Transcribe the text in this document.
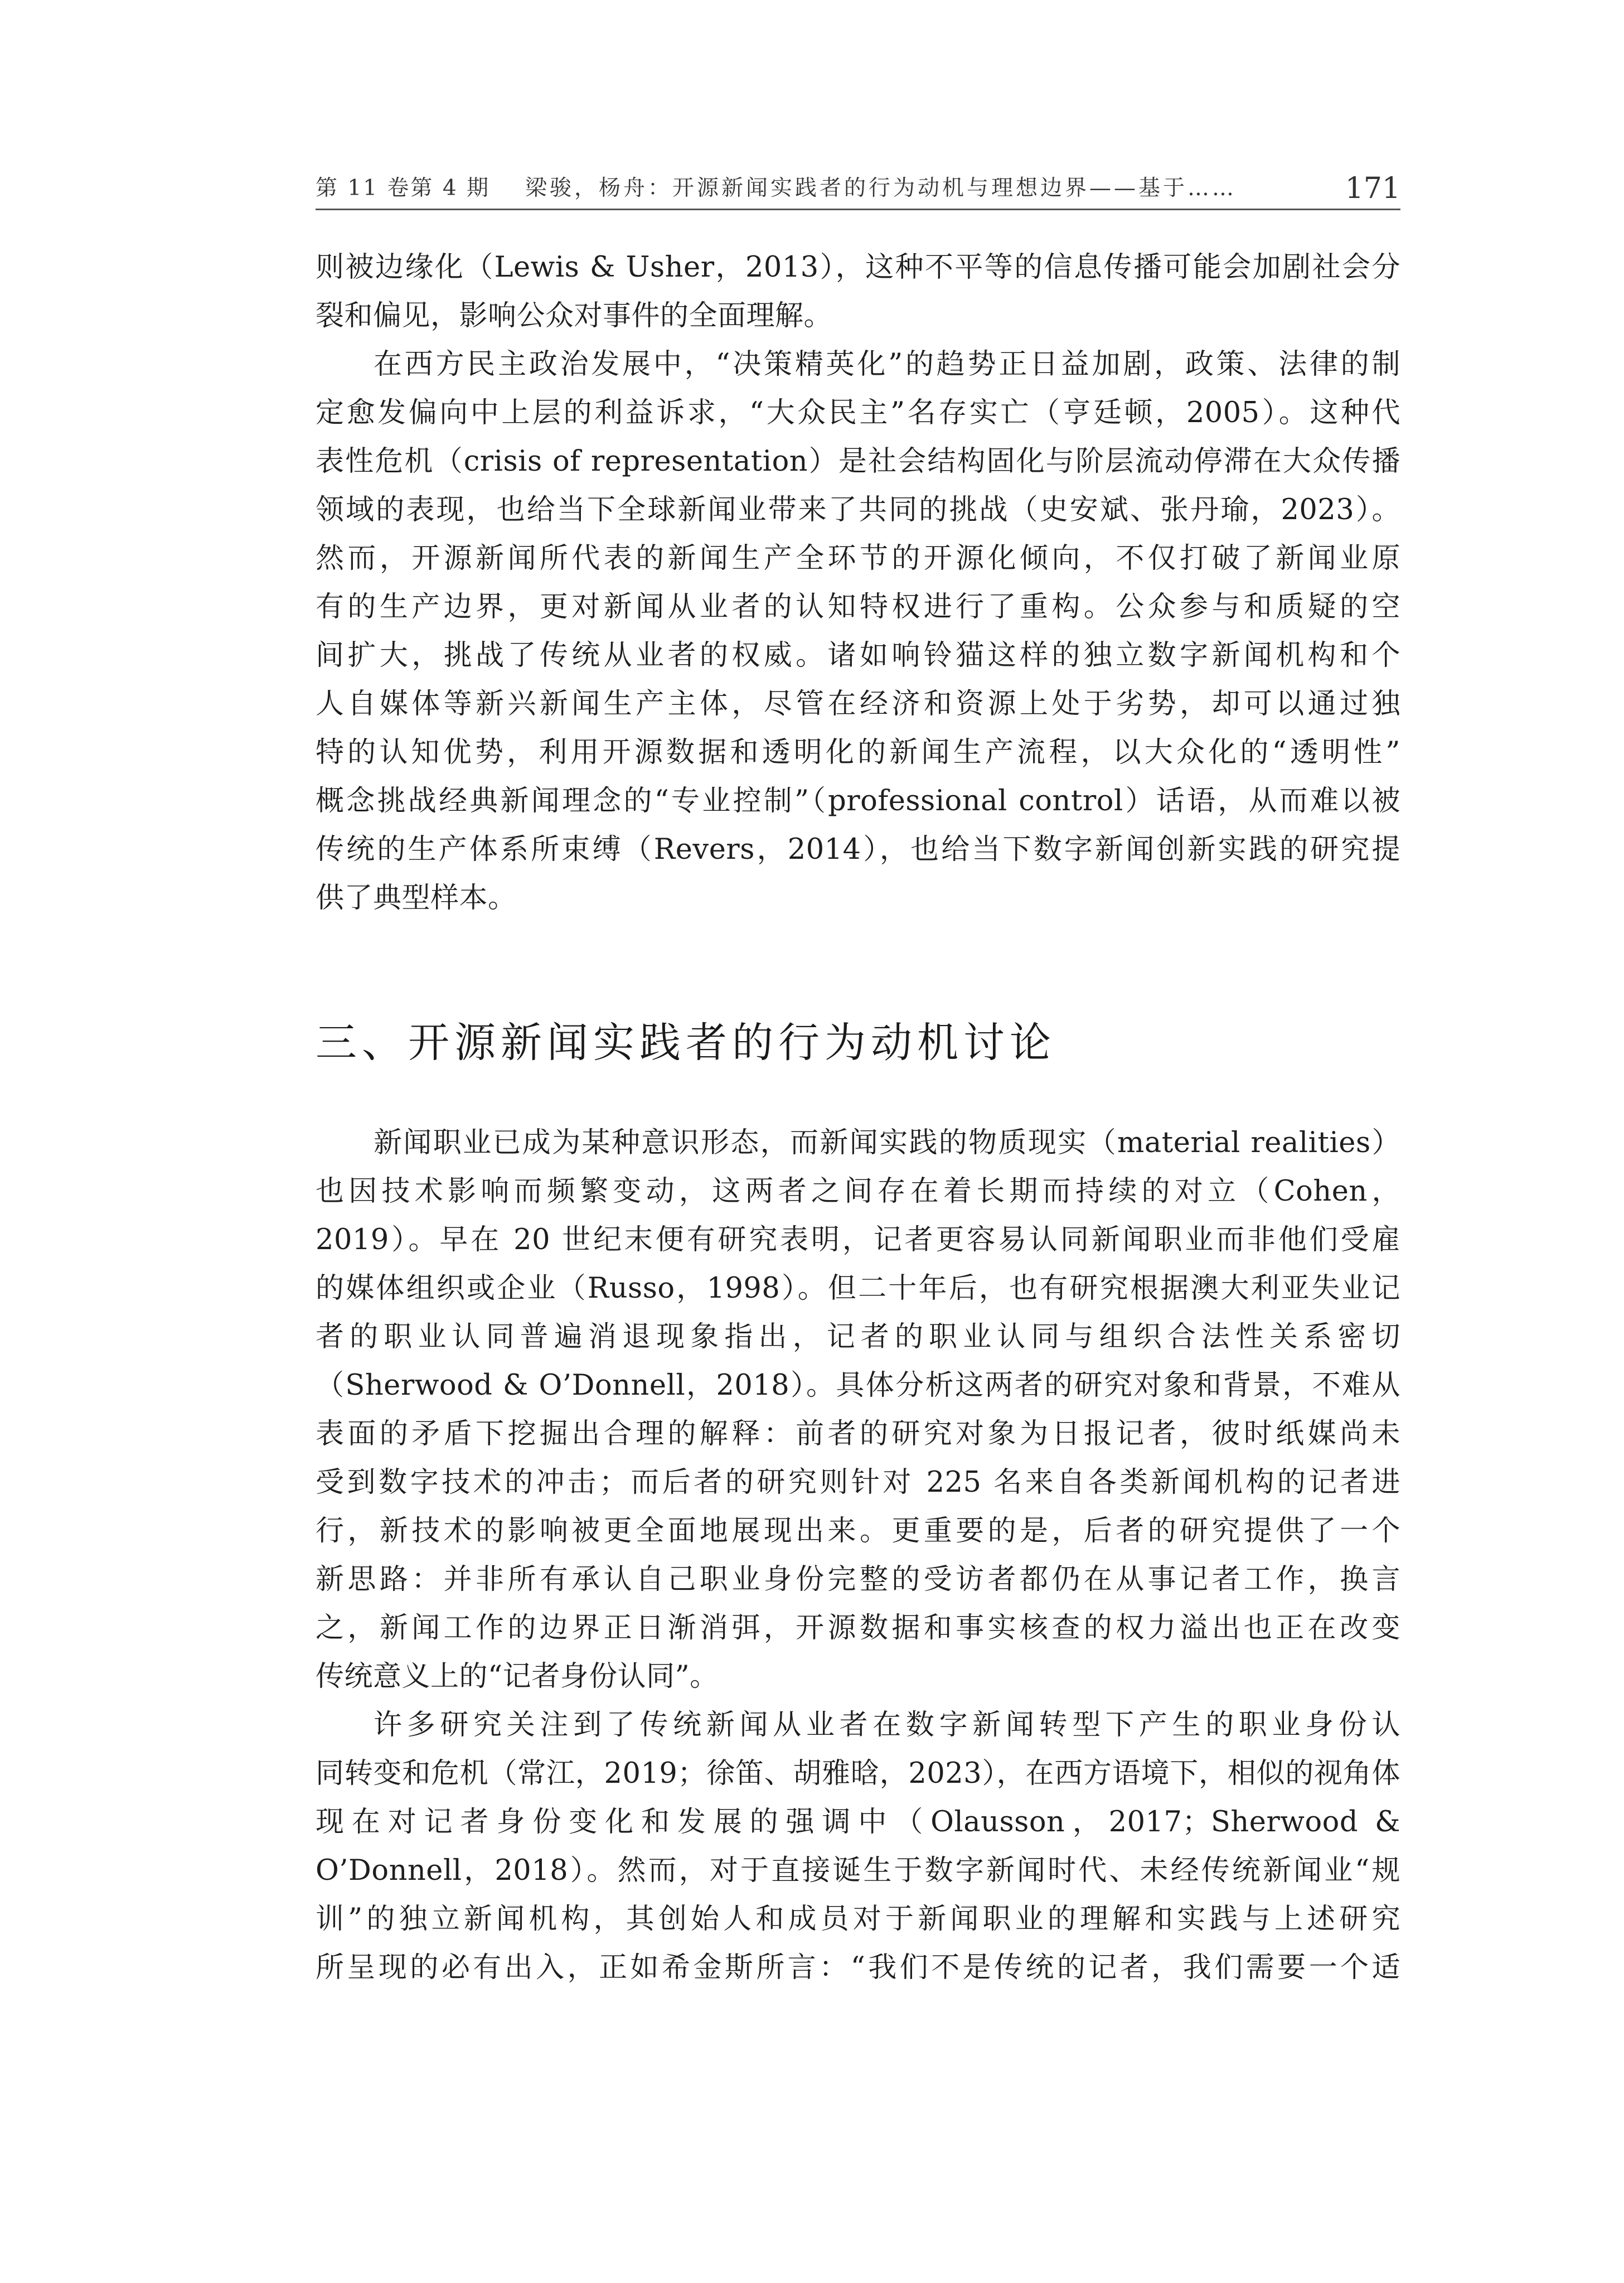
第 11 卷第 4 期	梁骏，杨舟：开源新闻实践者的行为动机与理想边界——基于……	171
则被边缘化（Lewis & Usher，2013），这种不平等的信息传播可能会加剧社会分
裂和偏见，影响公众对事件的全面理解。
在西方民主政治发展中，“决策精英化”的趋势正日益加剧，政策、法律的制
定愈发偏向中上层的利益诉求，“大众民主”名存实亡（亨廷顿，2005）。这种代
表性危机（crisis of representation）是社会结构固化与阶层流动停滞在大众传播
领域的表现，也给当下全球新闻业带来了共同的挑战（史安斌、张丹瑜，2023）。
然而，开源新闻所代表的新闻生产全环节的开源化倾向，不仅打破了新闻业原
有的生产边界，更对新闻从业者的认知特权进行了重构。公众参与和质疑的空
间扩大，挑战了传统从业者的权威。诸如响铃猫这样的独立数字新闻机构和个
人自媒体等新兴新闻生产主体，尽管在经济和资源上处于劣势，却可以通过独
特的认知优势，利用开源数据和透明化的新闻生产流程，以大众化的“透明性”
概念挑战经典新闻理念的“专业控制”（professional control）话语，从而难以被
传统的生产体系所束缚（Revers，2014），也给当下数字新闻创新实践的研究提
供了典型样本。
三、开源新闻实践者的行为动机讨论
新闻职业已成为某种意识形态，而新闻实践的物质现实（material realities）
也因技术影响而频繁变动，这两者之间存在着长期而持续的对立（Cohen，
2019）。早在 20 世纪末便有研究表明，记者更容易认同新闻职业而非他们受雇
的媒体组织或企业（Russo，1998）。但二十年后，也有研究根据澳大利亚失业记
者的职业认同普遍消退现象指出，记者的职业认同与组织合法性关系密切
（Sherwood & O’Donnell，2018）。具体分析这两者的研究对象和背景，不难从
表面的矛盾下挖掘出合理的解释：前者的研究对象为日报记者，彼时纸媒尚未
受到数字技术的冲击；而后者的研究则针对 225 名来自各类新闻机构的记者进
行，新技术的影响被更全面地展现出来。更重要的是，后者的研究提供了一个
新思路：并非所有承认自己职业身份完整的受访者都仍在从事记者工作，换言
之，新闻工作的边界正日渐消弭，开源数据和事实核查的权力溢出也正在改变
传统意义上的“记者身份认同”。
许多研究关注到了传统新闻从业者在数字新闻转型下产生的职业身份认
同转变和危机（常江，2019；徐笛、胡雅晗，2023），在西方语境下，相似的视角体
现在对记者身份变化和发展的强调中（Olausson，2017；Sherwood &
O’Donnell，2018）。然而，对于直接诞生于数字新闻时代、未经传统新闻业“规
训”的独立新闻机构，其创始人和成员对于新闻职业的理解和实践与上述研究
所呈现的必有出入，正如希金斯所言：“我们不是传统的记者，我们需要一个适
